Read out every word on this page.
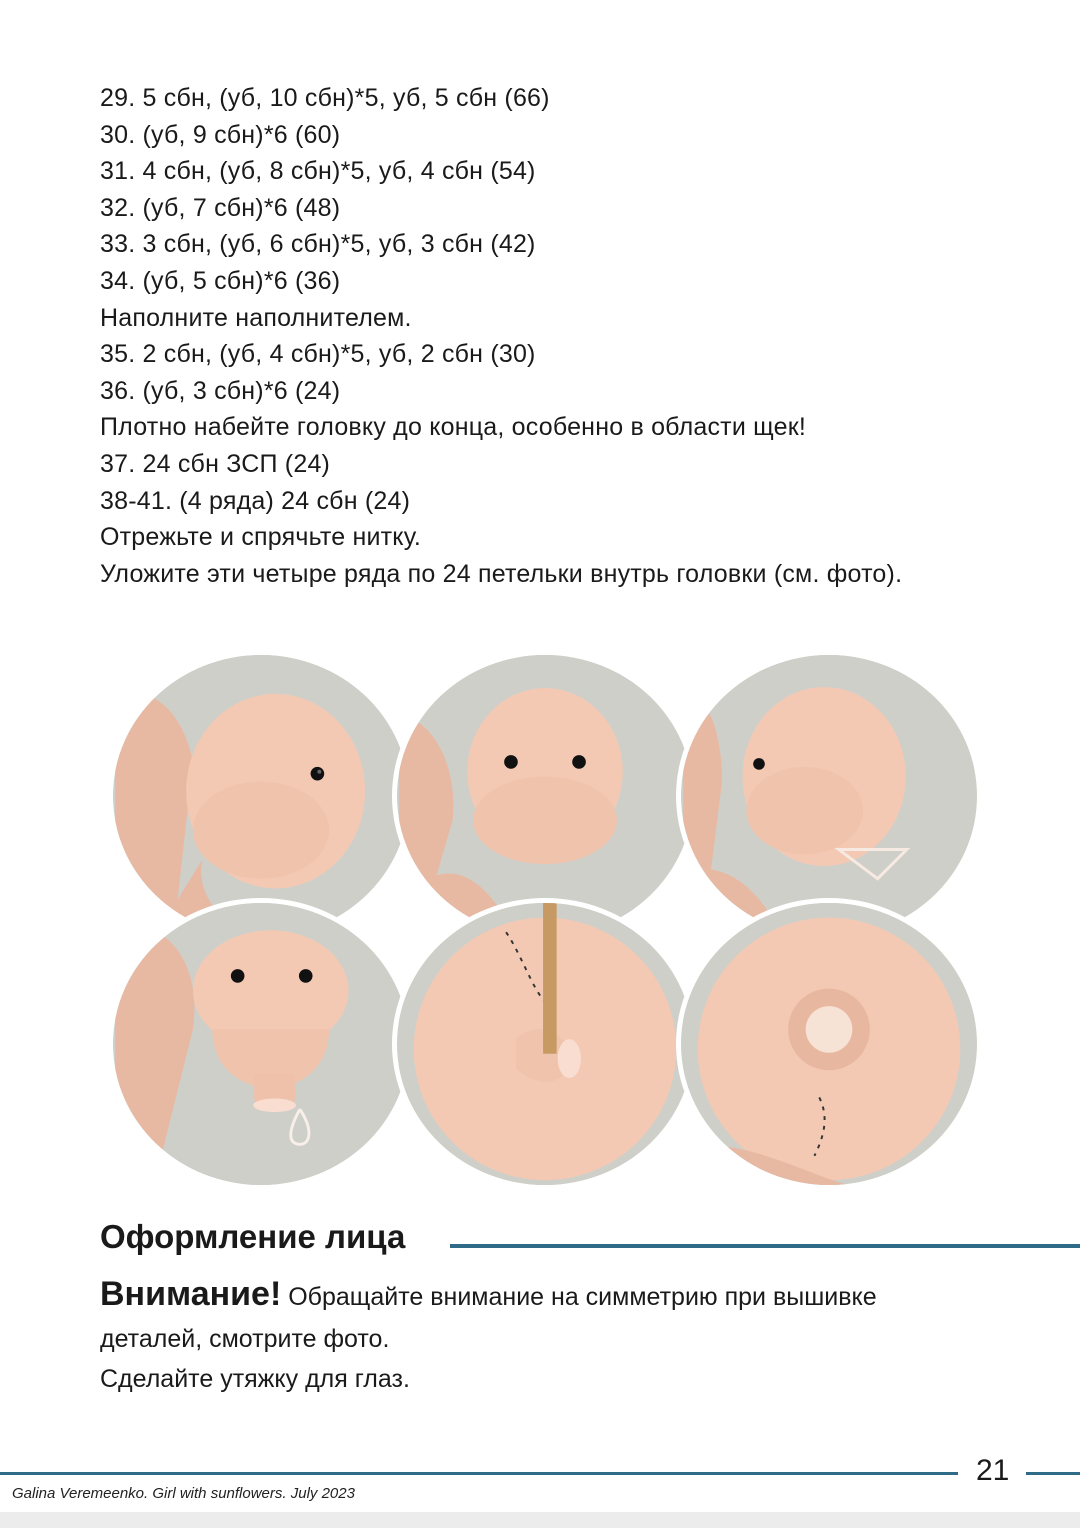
29. 5 сбн, (уб, 10 сбн)*5, уб, 5 сбн (66)
30. (уб, 9 сбн)*6 (60)
31. 4 сбн, (уб, 8 сбн)*5, уб, 4 сбн (54)
32. (уб, 7 сбн)*6 (48)
33. 3 сбн, (уб, 6 сбн)*5, уб, 3 сбн (42)
34. (уб, 5 сбн)*6 (36)
Наполните наполнителем.
35. 2 сбн, (уб, 4 сбн)*5, уб, 2 сбн (30)
36. (уб, 3 сбн)*6 (24)
Плотно набейте головку до конца, особенно в области щек!
37. 24 сбн ЗСП (24)
38-41. (4 ряда) 24 сбн (24)
Отрежьте и спрячьте нитку.
Уложите эти четыре ряда по 24 петельки внутрь головки (см. фото).
Оформление лица
Внимание! Обращайте внимание на симметрию при вышивке
деталей, смотрите фото.
Сделайте утяжку для глаз.
21
Galina Veremeenko. Girl with sunflowers. July 2023
